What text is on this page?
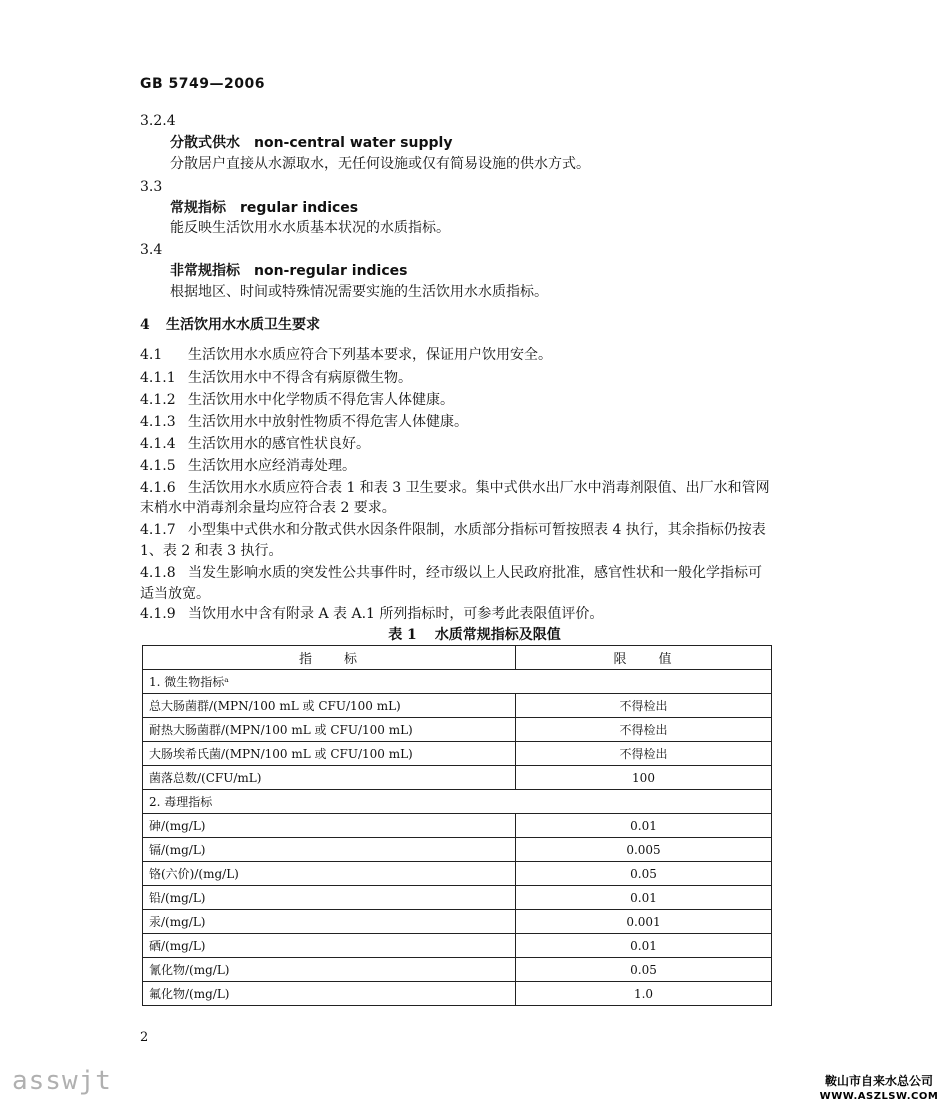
GB 5749—2006
3.2.4
分散式供水 non-central water supply
分散居户直接从水源取水，无任何设施或仅有简易设施的供水方式。
3.3
常规指标 regular indices
能反映生活饮用水水质基本状况的水质指标。
3.4
非常规指标 non-regular indices
根据地区、时间或特殊情况需要实施的生活饮用水水质指标。
4 生活饮用水水质卫生要求
4.1 生活饮用水水质应符合下列基本要求，保证用户饮用安全。
4.1.1 生活饮用水中不得含有病原微生物。
4.1.2 生活饮用水中化学物质不得危害人体健康。
4.1.3 生活饮用水中放射性物质不得危害人体健康。
4.1.4 生活饮用水的感官性状良好。
4.1.5 生活饮用水应经消毒处理。
4.1.6 生活饮用水水质应符合表 1 和表 3 卫生要求。集中式供水出厂水中消毒剂限值、出厂水和管网
末梢水中消毒剂余量均应符合表 2 要求。
4.1.7 小型集中式供水和分散式供水因条件限制，水质部分指标可暂按照表 4 执行，其余指标仍按表
1、表 2 和表 3 执行。
4.1.8 当发生影响水质的突发性公共事件时，经市级以上人民政府批准，感官性状和一般化学指标可
适当放宽。
4.1.9 当饮用水中含有附录 A 表 A.1 所列指标时，可参考此表限值评价。
表 1 水质常规指标及限值
指　　标	限　　值
1. 微生物指标ᵃ	
总大肠菌群/(MPN/100 mL 或 CFU/100 mL)	不得检出
耐热大肠菌群/(MPN/100 mL 或 CFU/100 mL)	不得检出
大肠埃希氏菌/(MPN/100 mL 或 CFU/100 mL)	不得检出
菌落总数/(CFU/mL)	100
2. 毒理指标	
砷/(mg/L)	0.01
镉/(mg/L)	0.005
铬(六价)/(mg/L)	0.05
铅/(mg/L)	0.01
汞/(mg/L)	0.001
硒/(mg/L)	0.01
氰化物/(mg/L)	0.05
氟化物/(mg/L)	1.0
2
asswjt	鞍山市自来水总公司
WWW.ASZLSW.COM
